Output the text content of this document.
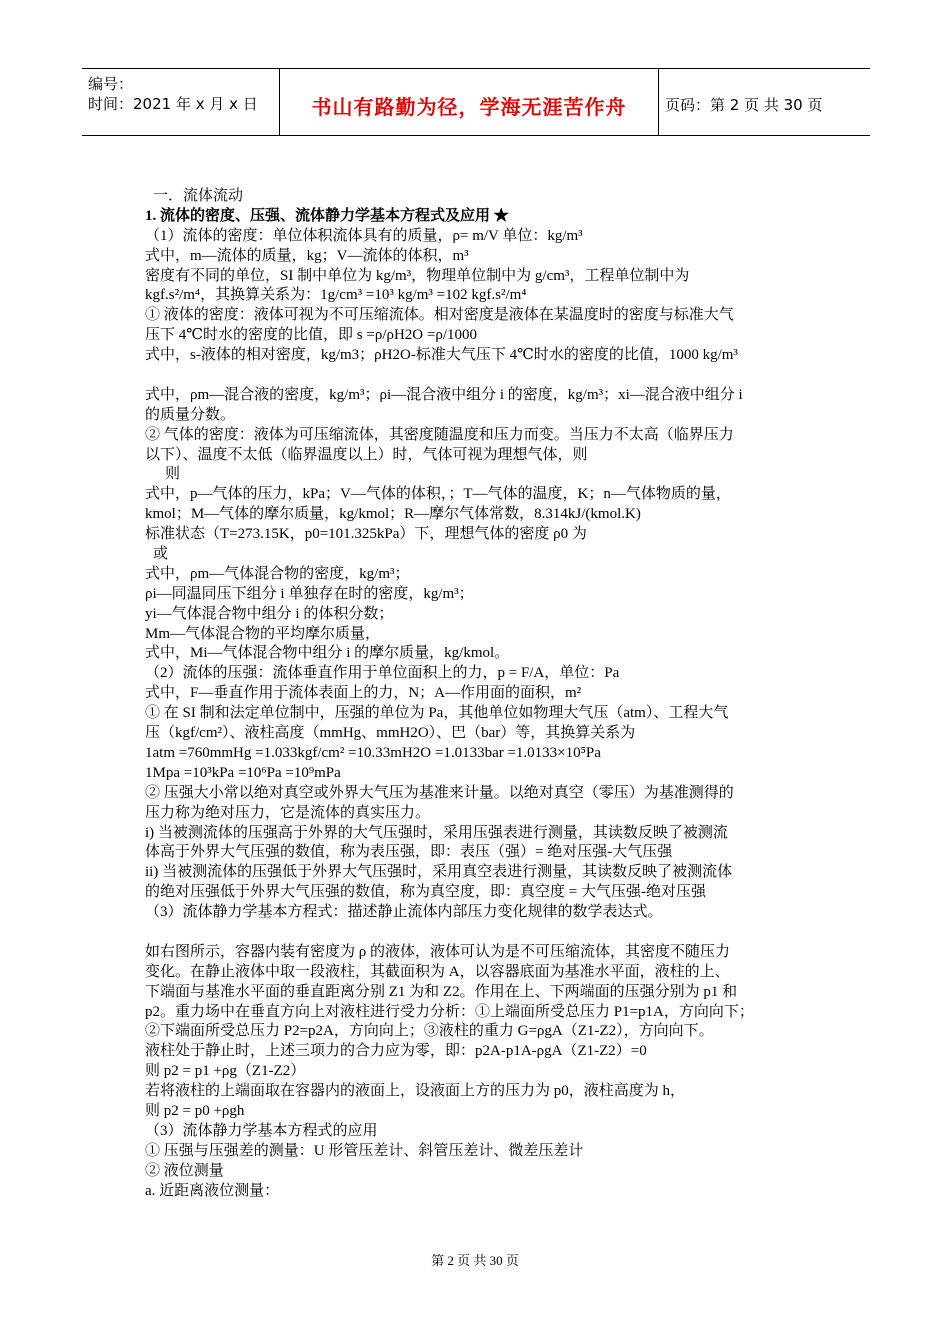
编号：
时间：2021 年 x 月 x 日	书山有路勤为径，学海无涯苦作舟	页码：第 2 页 共 30 页
一．流体流动
1. 流体的密度、压强、流体静力学基本方程式及应用 ★
（1）流体的密度：单位体积流体具有的质量，ρ= m/V 单位：kg/m³
式中，m—流体的质量，kg；V—流体的体积，m³
密度有不同的单位，SI 制中单位为 kg/m³，物理单位制中为 g/cm³，工程单位制中为
kgf.s²/m⁴，其换算关系为：1g/cm³ =10³ kg/m³ =102 kgf.s²/m⁴
① 液体的密度：液体可视为不可压缩流体。相对密度是液体在某温度时的密度与标准大气
压下 4℃时水的密度的比值，即 s =ρ/ρH2O =ρ/1000
式中，s-液体的相对密度，kg/m3；ρH2O-标准大气压下 4℃时水的密度的比值，1000 kg/m³
式中，ρm—混合液的密度，kg/m³；ρi—混合液中组分 i 的密度，kg/m³；xi—混合液中组分 i
的质量分数。
② 气体的密度：液体为可压缩流体，其密度随温度和压力而变。当压力不太高（临界压力
以下）、温度不太低（临界温度以上）时，气体可视为理想气体，则
则
式中，p—气体的压力，kPa；V—气体的体积，；T—气体的温度，K；n—气体物质的量，
kmol；M—气体的摩尔质量，kg/kmol；R—摩尔气体常数，8.314kJ/(kmol.K)
标准状态（T=273.15K，p0=101.325kPa）下，理想气体的密度 ρ0 为
或
式中，ρm—气体混合物的密度，kg/m³；
ρi—同温同压下组分 i 单独存在时的密度，kg/m³；
yi—气体混合物中组分 i 的体积分数；
Mm—气体混合物的平均摩尔质量，
式中，Mi—气体混合物中组分 i 的摩尔质量，kg/kmol。
（2）流体的压强：流体垂直作用于单位面积上的力，p = F/A，单位：Pa
式中，F—垂直作用于流体表面上的力，N；A—作用面的面积，m²
① 在 SI 制和法定单位制中，压强的单位为 Pa，其他单位如物理大气压（atm）、工程大气
压（kgf/cm²）、液柱高度（mmHg、mmH2O）、巴（bar）等，其换算关系为
1atm =760mmHg =1.033kgf/cm² =10.33mH2O =1.0133bar =1.0133×10⁵Pa
1Mpa =10³kPa =10⁶Pa =10⁹mPa
② 压强大小常以绝对真空或外界大气压为基准来计量。以绝对真空（零压）为基准测得的
压力称为绝对压力，它是流体的真实压力。
i) 当被测流体的压强高于外界的大气压强时，采用压强表进行测量，其读数反映了被测流
体高于外界大气压强的数值，称为表压强，即：表压（强）= 绝对压强-大气压强
ii) 当被测流体的压强低于外界大气压强时，采用真空表进行测量，其读数反映了被测流体
的绝对压强低于外界大气压强的数值，称为真空度，即：真空度 = 大气压强-绝对压强
（3）流体静力学基本方程式：描述静止流体内部压力变化规律的数学表达式。
如右图所示，容器内装有密度为 ρ 的液体，液体可认为是不可压缩流体，其密度不随压力
变化。在静止液体中取一段液柱，其截面积为 A，以容器底面为基准水平面，液柱的上、
下端面与基准水平面的垂直距离分别 Z1 为和 Z2。作用在上、下两端面的压强分别为 p1 和
p2。重力场中在垂直方向上对液柱进行受力分析：①上端面所受总压力 P1=p1A，方向向下；
②下端面所受总压力 P2=p2A，方向向上；③液柱的重力 G=ρgA（Z1-Z2），方向向下。
液柱处于静止时，上述三项力的合力应为零，即：p2A-p1A-ρgA（Z1-Z2）=0
则 p2 = p1 +ρg（Z1-Z2）
若将液柱的上端面取在容器内的液面上，设液面上方的压力为 p0，液柱高度为 h，
则 p2 = p0 +ρgh
（3）流体静力学基本方程式的应用
① 压强与压强差的测量：U 形管压差计、斜管压差计、微差压差计
② 液位测量
a. 近距离液位测量：
第 2 页 共 30 页
